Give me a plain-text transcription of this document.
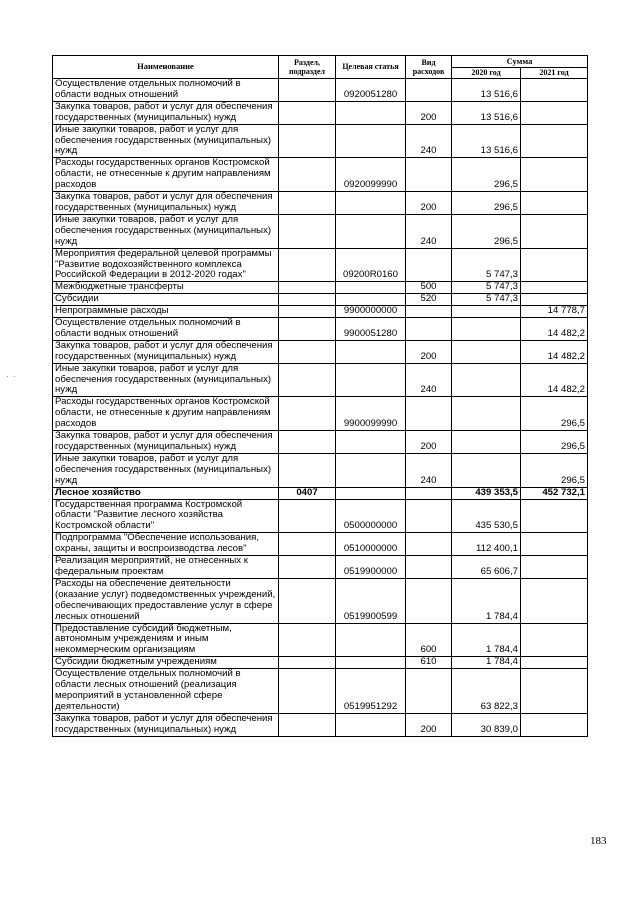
Наименование	Раздел, подраздел	Целевая статья	Вид расходов	Сумма	
				2020 год	2021 год
Осуществление отдельных полномочий в области водных отношений		0920051280		13 516,6	
Закупка товаров, работ и услуг для обеспечения государственных (муниципальных) нужд			200	13 516,6	
Иные закупки товаров, работ и услуг для обеспечения государственных (муниципальных) нужд			240	13 516,6	
Расходы государственных органов Костромской области, не отнесенные к другим направлениям расходов		0920099990		296,5	
Закупка товаров, работ и услуг для обеспечения государственных (муниципальных) нужд			200	296,5	
Иные закупки товаров, работ и услуг для обеспечения государственных (муниципальных) нужд			240	296,5	
Мероприятия федеральной целевой программы "Развитие водохозяйственного комплекса Российской Федерации в 2012-2020 годах"		09200R0160		5 747,3	
Межбюджетные трансферты			500	5 747,3	
Субсидии			520	5 747,3	
Непрограммные расходы		9900000000			14 778,7
Осуществление отдельных полномочий в области водных отношений		9900051280			14 482,2
Закупка товаров, работ и услуг для обеспечения государственных (муниципальных) нужд			200		14 482,2
Иные закупки товаров, работ и услуг для обеспечения государственных (муниципальных) нужд			240		14 482,2
Расходы государственных органов Костромской области, не отнесенные к другим направлениям расходов		9900099990			296,5
Закупка товаров, работ и услуг для обеспечения государственных (муниципальных) нужд			200		296,5
Иные закупки товаров, работ и услуг для обеспечения государственных (муниципальных) нужд			240		296,5
Лесное хозяйство	0407			439 353,5	452 732,1
Государственная программа Костромской области "Развитие лесного хозяйства Костромской области"		0500000000		435 530,5	
Подпрограмма "Обеспечение использования, охраны, защиты и воспроизводства лесов"		0510000000		112 400,1	
Реализация мероприятий, не отнесенных к федеральным проектам		0519900000		65 606,7	
Расходы на обеспечение деятельности (оказание услуг) подведомственных учреждений, обеспечивающих предоставление услуг в сфере лесных отношений		0519900599		1 784,4	
Предоставление субсидий бюджетным, автономным учреждениям и иным некоммерческим организациям			600	1 784,4	
Субсидии бюджетным учреждениям			610	1 784,4	
Осуществление отдельных полномочий в области лесных отношений (реализация мероприятий в установленной сфере деятельности)		0519951292		63 822,3	
Закупка товаров, работ и услуг для обеспечения государственных (муниципальных) нужд			200	30 839,0	
· ·
183
